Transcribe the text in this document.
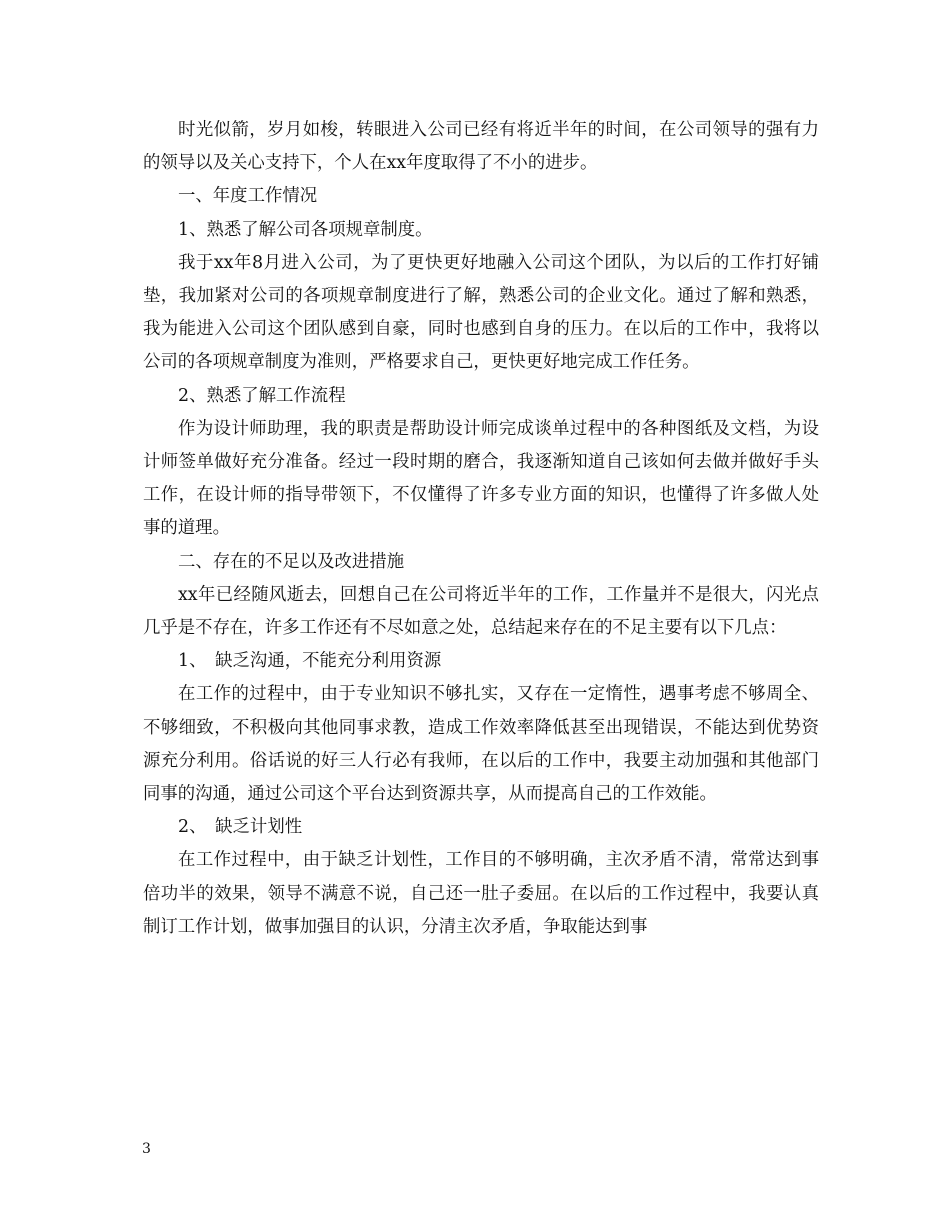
时光似箭，岁月如梭，转眼进入公司已经有将近半年的时间，在公司领导的强有力的领导以及关心支持下，个人在xx年度取得了不小的进步。

一、年度工作情况

1、熟悉了解公司各项规章制度。

我于xx年8月进入公司，为了更快更好地融入公司这个团队，为以后的工作打好铺垫，我加紧对公司的各项规章制度进行了解，熟悉公司的企业文化。通过了解和熟悉，我为能进入公司这个团队感到自豪，同时也感到自身的压力。在以后的工作中，我将以公司的各项规章制度为准则，严格要求自己，更快更好地完成工作任务。

2、熟悉了解工作流程

作为设计师助理，我的职责是帮助设计师完成谈单过程中的各种图纸及文档，为设计师签单做好充分准备。经过一段时期的磨合，我逐渐知道自己该如何去做并做好手头工作，在设计师的指导带领下，不仅懂得了许多专业方面的知识，也懂得了许多做人处事的道理。

二、存在的不足以及改进措施

xx年已经随风逝去，回想自己在公司将近半年的工作，工作量并不是很大，闪光点几乎是不存在，许多工作还有不尽如意之处，总结起来存在的不足主要有以下几点：

1、　缺乏沟通，不能充分利用资源

在工作的过程中，由于专业知识不够扎实，又存在一定惰性，遇事考虑不够周全、不够细致，不积极向其他同事求教，造成工作效率降低甚至出现错误，不能达到优势资源充分利用。俗话说的好三人行必有我师，在以后的工作中，我要主动加强和其他部门同事的沟通，通过公司这个平台达到资源共享，从而提高自己的工作效能。

2、　缺乏计划性

在工作过程中，由于缺乏计划性，工作目的不够明确，主次矛盾不清，常常达到事倍功半的效果，领导不满意不说，自己还一肚子委屈。在以后的工作过程中，我要认真制订工作计划，做事加强目的认识，分清主次矛盾，争取能达到事

3
